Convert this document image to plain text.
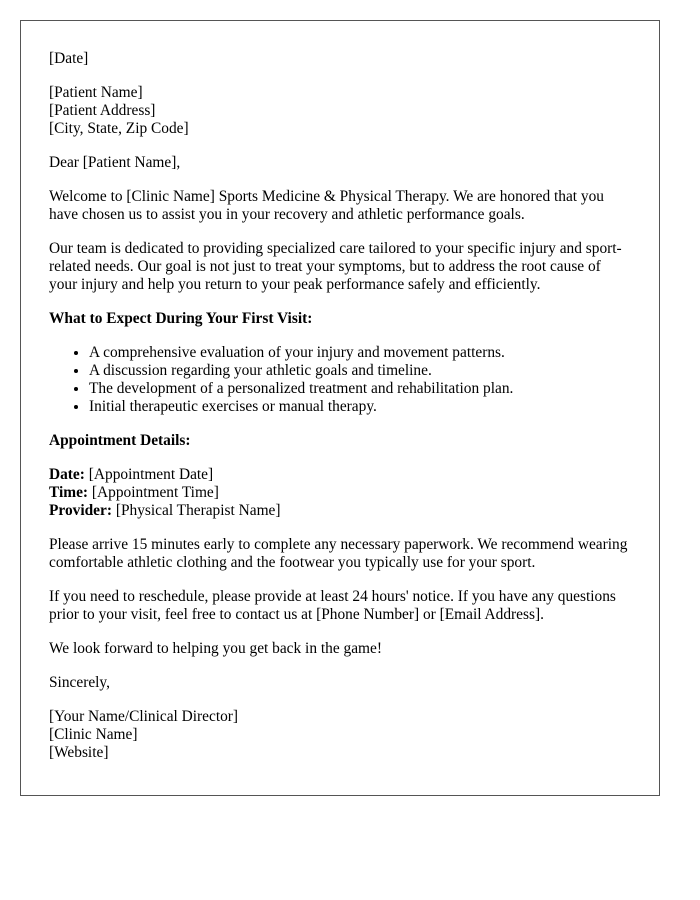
[Date]
[Patient Name]
[Patient Address]
[City, State, Zip Code]

Dear [Patient Name],

Welcome to [Clinic Name] Sports Medicine & Physical Therapy. We are honored that you have chosen us to assist you in your recovery and athletic performance goals.

Our team is dedicated to providing specialized care tailored to your specific injury and sport-related needs. Our goal is not just to treat your symptoms, but to address the root cause of your injury and help you return to your peak performance safely and efficiently.

What to Expect During Your First Visit:
• A comprehensive evaluation of your injury and movement patterns.
• A discussion regarding your athletic goals and timeline.
• The development of a personalized treatment and rehabilitation plan.
• Initial therapeutic exercises or manual therapy.
Appointment Details:
Date: [Appointment Date]
Time: [Appointment Time]
Provider: [Physical Therapist Name]

Please arrive 15 minutes early to complete any necessary paperwork. We recommend wearing comfortable athletic clothing and the footwear you typically use for your sport.

If you need to reschedule, please provide at least 24 hours' notice. If you have any questions prior to your visit, feel free to contact us at [Phone Number] or [Email Address].

We look forward to helping you get back in the game!

Sincerely,

[Your Name/Clinical Director]
[Clinic Name]
[Website]
